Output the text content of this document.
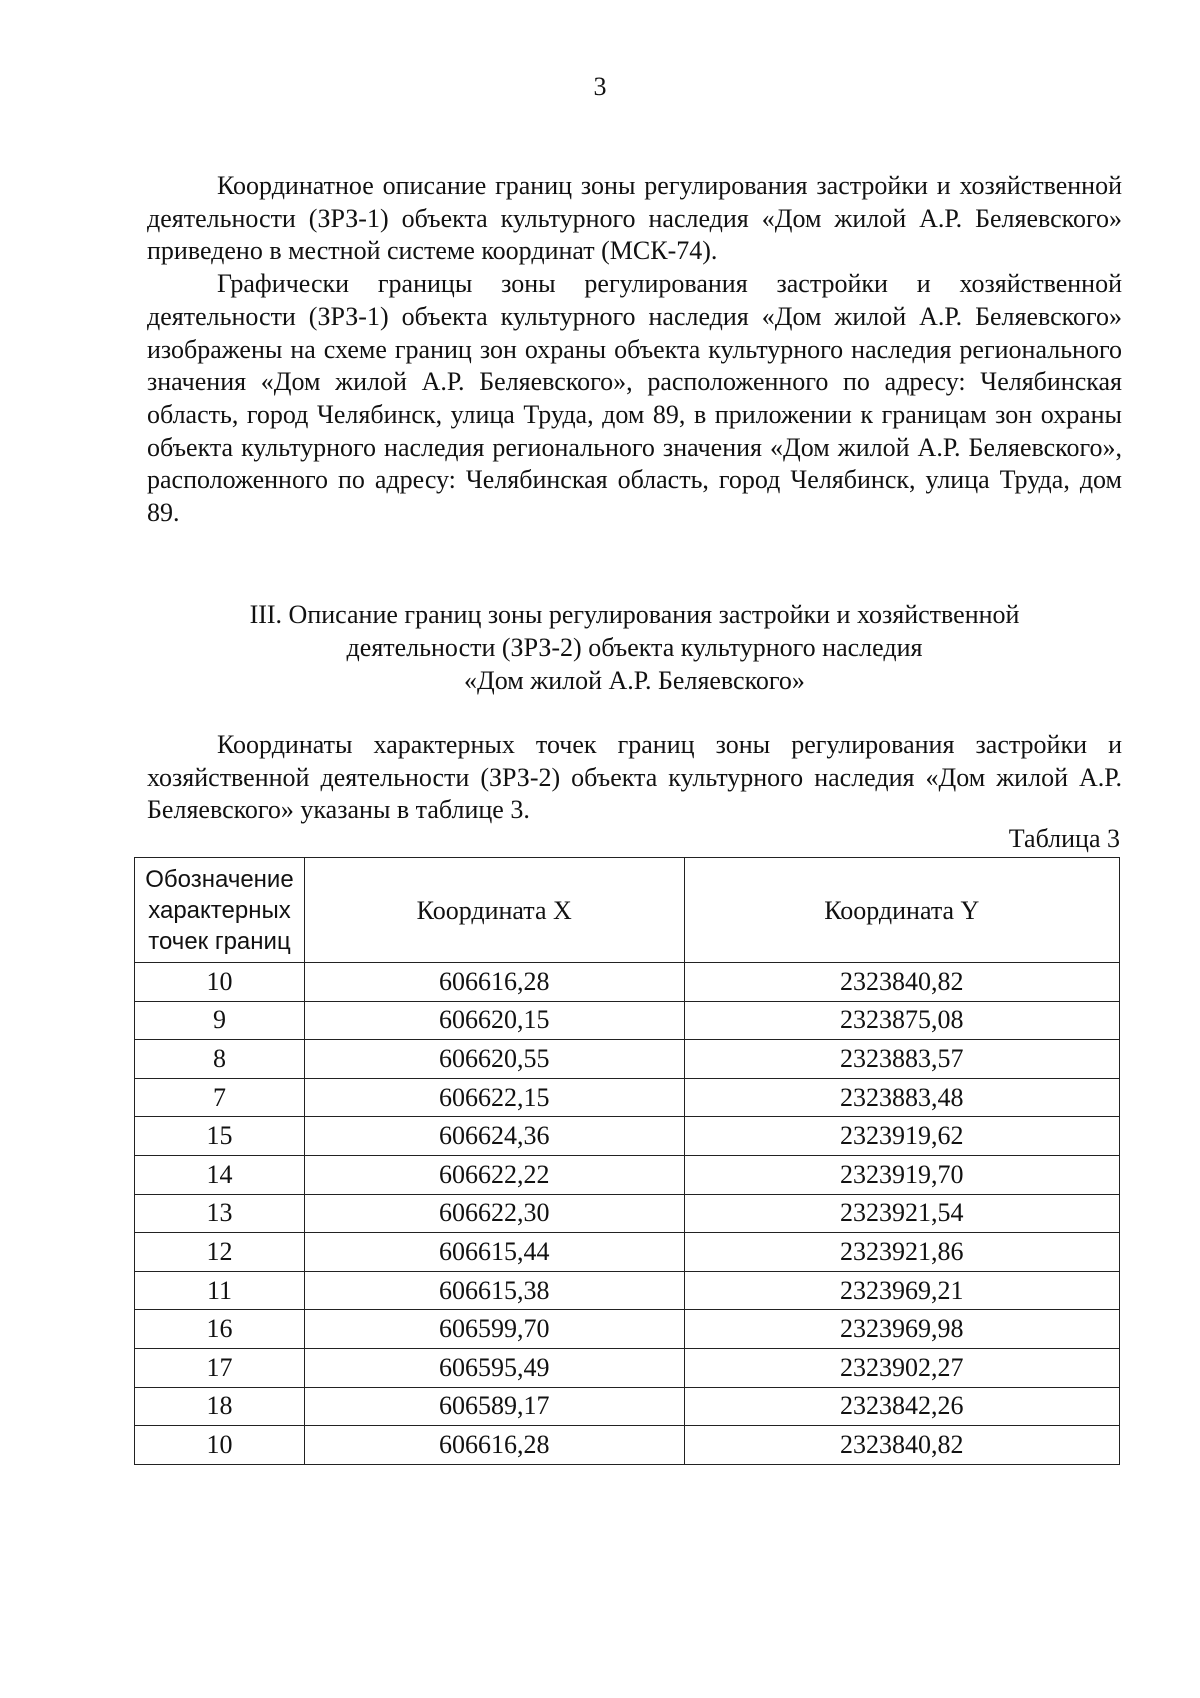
3

Координатное описание границ зоны регулирования застройки и хозяйственной деятельности (ЗРЗ-1) объекта культурного наследия «Дом жилой А.Р. Беляевского» приведено в местной системе координат (МСК-74).

Графически границы зоны регулирования застройки и хозяйственной деятельности (ЗРЗ-1) объекта культурного наследия «Дом жилой А.Р. Беляевского» изображены на схеме границ зон охраны объекта культурного наследия регионального значения «Дом жилой А.Р. Беляевского», расположенного по адресу: Челябинская область, город Челябинск, улица Труда, дом 89, в приложении к границам зон охраны объекта культурного наследия регионального значения «Дом жилой А.Р. Беляевского», расположенного по адресу: Челябинская область, город Челябинск, улица Труда, дом 89.

III. Описание границ зоны регулирования застройки и хозяйственной
деятельности (ЗРЗ-2) объекта культурного наследия
«Дом жилой А.Р. Беляевского»

Координаты характерных точек границ зоны регулирования застройки и хозяйственной деятельности (ЗРЗ-2) объекта культурного наследия «Дом жилой А.Р. Беляевского» указаны в таблице 3.

Таблица 3
Обозначение
характерных
точек границ	Координата X	Координата Y
10	606616,28	2323840,82
9	606620,15	2323875,08
8	606620,55	2323883,57
7	606622,15	2323883,48
15	606624,36	2323919,62
14	606622,22	2323919,70
13	606622,30	2323921,54
12	606615,44	2323921,86
11	606615,38	2323969,21
16	606599,70	2323969,98
17	606595,49	2323902,27
18	606589,17	2323842,26
10	606616,28	2323840,82
